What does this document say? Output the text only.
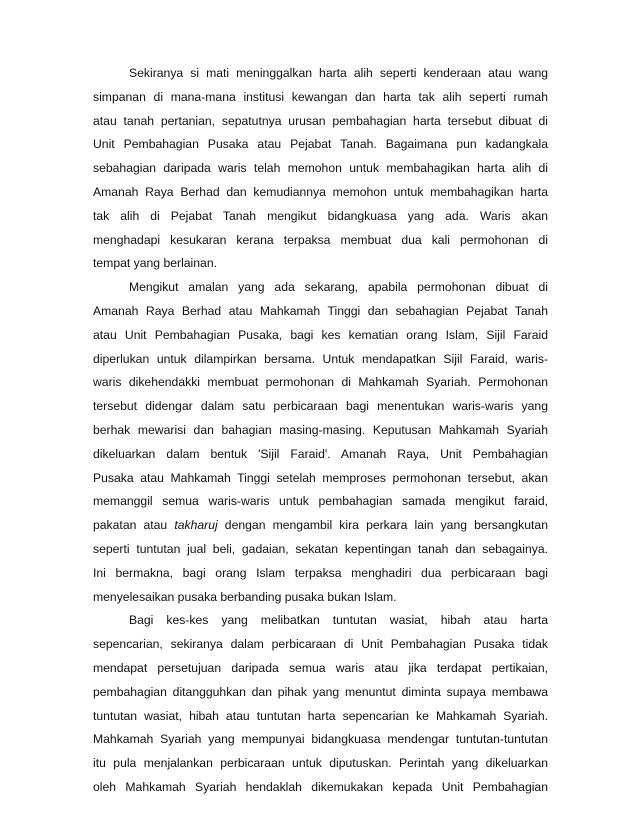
Sekiranya si mati meninggalkan harta alih seperti kenderaan atau wang
simpanan di mana-mana institusi kewangan dan harta tak alih seperti rumah
atau tanah pertanian, sepatutnya urusan pembahagian harta tersebut dibuat di
Unit Pembahagian Pusaka atau Pejabat Tanah. Bagaimana pun kadangkala
sebahagian daripada waris telah memohon untuk membahagikan harta alih di
Amanah Raya Berhad dan kemudiannya memohon untuk membahagikan harta
tak alih di Pejabat Tanah mengikut bidangkuasa yang ada. Waris akan
menghadapi kesukaran kerana terpaksa membuat dua kali permohonan di
tempat yang berlainan.
Mengikut amalan yang ada sekarang, apabila permohonan dibuat di
Amanah Raya Berhad atau Mahkamah Tinggi dan sebahagian Pejabat Tanah
atau Unit Pembahagian Pusaka, bagi kes kematian orang Islam, Sijil Faraid
diperlukan untuk dilampirkan bersama. Untuk mendapatkan Sijil Faraid, waris-
waris dikehendakki membuat permohonan di Mahkamah Syariah. Permohonan
tersebut didengar dalam satu perbicaraan bagi menentukan waris-waris yang
berhak mewarisi dan bahagian masing-masing. Keputusan Mahkamah Syariah
dikeluarkan dalam bentuk 'Sijil Faraid'. Amanah Raya, Unit Pembahagian
Pusaka atau Mahkamah Tinggi setelah memproses permohonan tersebut, akan
memanggil semua waris-waris untuk pembahagian samada mengikut faraid,
pakatan atau takharuj dengan mengambil kira perkara lain yang bersangkutan
seperti tuntutan jual beli, gadaian, sekatan kepentingan tanah dan sebagainya.
Ini bermakna, bagi orang Islam terpaksa menghadiri dua perbicaraan bagi
menyelesaikan pusaka berbanding pusaka bukan Islam.
Bagi kes-kes yang melibatkan tuntutan wasiat, hibah atau harta
sepencarian, sekiranya dalam perbicaraan di Unit Pembahagian Pusaka tidak
mendapat persetujuan daripada semua waris atau jika terdapat pertikaian,
pembahagian ditangguhkan dan pihak yang menuntut diminta supaya membawa
tuntutan wasiat, hibah atau tuntutan harta sepencarian ke Mahkamah Syariah.
Mahkamah Syariah yang mempunyai bidangkuasa mendengar tuntutan-tuntutan
itu pula menjalankan perbicaraan untuk diputuskan. Perintah yang dikeluarkan
oleh Mahkamah Syariah hendaklah dikemukakan kepada Unit Pembahagian
